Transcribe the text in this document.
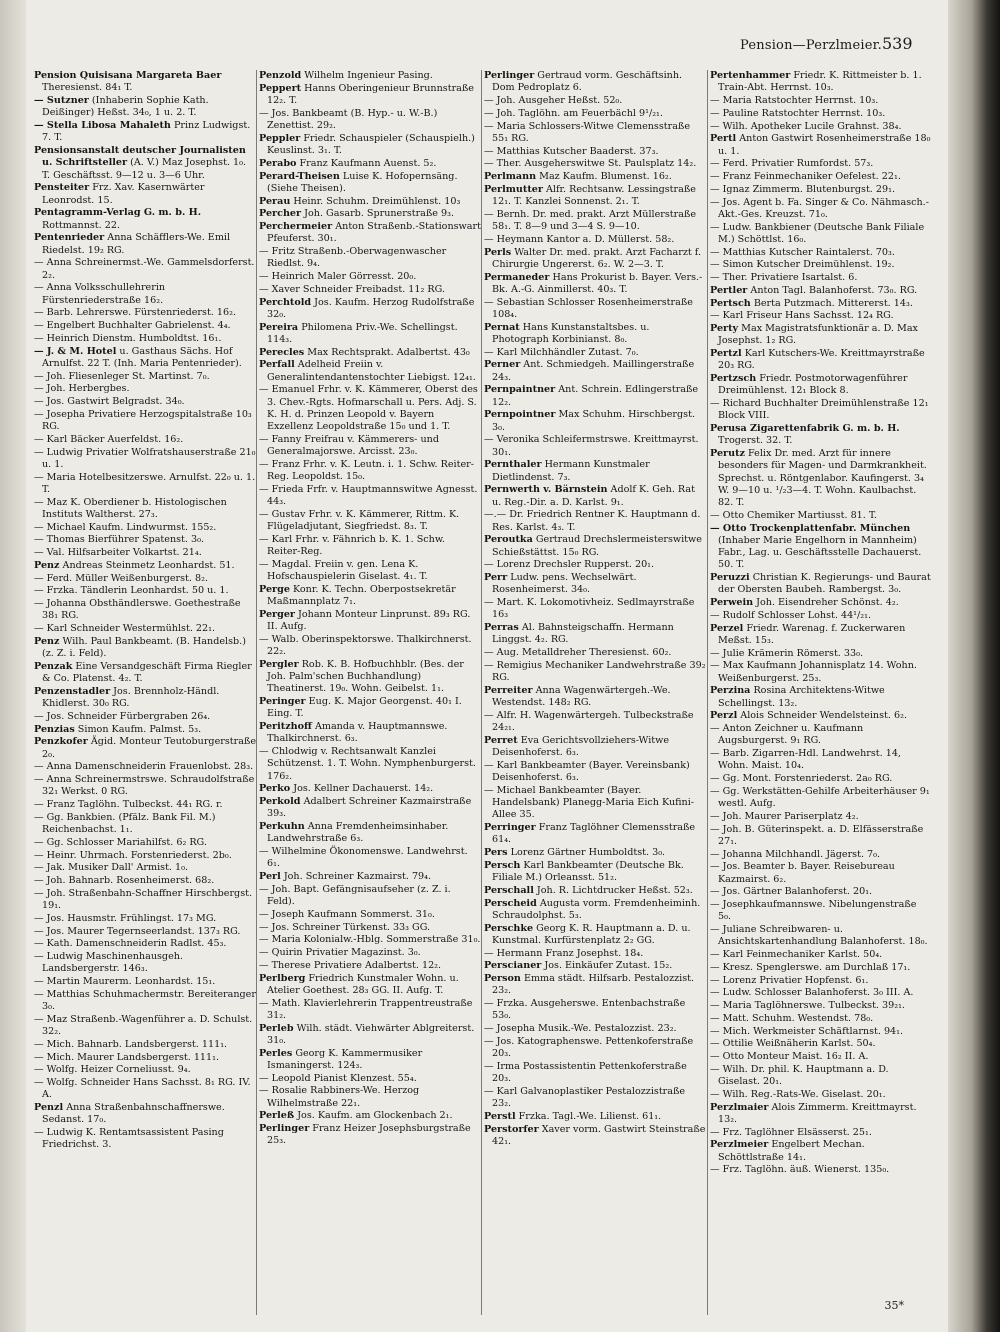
Pension—Perzlmeier. 539
Pension Quisisana Margareta Baer Theresienst. 84₁ T.
— Sutzner (Inhaberin Sophie Kath. Deißinger) Heßst. 34₀, 1 u. 2. T.
— Stella Libosa Mahaleth Prinz Ludwigst. 7. T.
Pensionsanstalt deutscher Journalisten u. Schriftsteller (A. V.) Maz Josephst. 1₀. T. Geschäftsst. 9—12 u. 3—6 Uhr.
Pensteiter Frz. Xav. Kasernwärter Leonrodst. 15.
Pentagramm-Verlag G. m. b. H. Rottmannst. 22.
Pentenrieder Anna Schäfflers-We. Emil Riedelst. 19₂ RG.
— Anna Schreinermst.-We. Gammelsdorferst. 2₂.
— Anna Volksschullehrerin Fürstenriederstraße 16₂.
— Barb. Lehrerswe. Fürstenriederst. 16₂.
— Engelbert Buchhalter Gabrielenst. 4₄.
— Heinrich Dienstm. Humboldtst. 16₁.
— J. & M. Hotel u. Gasthaus Sächs. Hof Arnulfst. 22 T. (Inh. Maria Pentenrieder).
— Joh. Fliesenleger St. Martinst. 7₀.
— Joh. Herbergbes.
— Jos. Gastwirt Belgradst. 34₀.
— Josepha Privatiere Herzogspitalstraße 10₃ RG.
— Karl Bäcker Auerfeldst. 16₂.
— Ludwig Privatier Wolfratshauserstraße 21₀ u. 1.
— Maria Hotelbesitzerswe. Arnulfst. 22₀ u. 1. T.
— Maz K. Oberdiener b. Histologischen Instituts Waltherst. 27₃.
— Michael Kaufm. Lindwurmst. 155₂.
— Thomas Bierführer Spatenst. 3₀.
— Val. Hilfsarbeiter Volkartst. 21₄.
Penz Andreas Steinmetz Leonhardst. 51.
— Ferd. Müller Weißenburgerst. 8₂.
— Frzka. Tändlerin Leonhardst. 50 u. 1.
— Johanna Obsthändlerswe. Goethestraße 38₁ RG.
— Karl Schneider Westermühlst. 22₁.
Penz Wilh. Paul Bankbeamt. (B. Handelsb.) (z. Z. i. Feld).
Penzak Eine Versandgeschäft Firma Riegler & Co. Platenst. 4₂. T.
Penzenstadler Jos. Brennholz-Händl. Khidlerst. 30₀ RG.
— Jos. Schneider Fürbergraben 26₄.
Penzias Simon Kaufm. Palmst. 5₃.
Penzkofer Ägid. Monteur Teutoburgerstraße 2₀.
— Anna Damenschneiderin Frauenlobst. 28₃.
— Anna Schreinermstrswe. Schraudolfstraße 32₁ Werkst. 0 RG.
— Franz Taglöhn. Tulbeckst. 44₁ RG. r.
— Gg. Bankbien. (Pfälz. Bank Fil. M.) Reichenbachst. 1₁.
— Gg. Schlosser Mariahilfst. 6₂ RG.
— Heinr. Uhrmach. Forstenriederst. 2b₀.
— Jak. Musiker Dall' Armist. 1₀.
— Joh. Bahnarb. Rosenheimerst. 68₂.
— Joh. Straßenbahn-Schaffner Hirschbergst. 19₁.
— Jos. Hausmstr. Frühlingst. 17₃ MG.
— Jos. Maurer Tegernseerlandst. 137₃ RG.
— Kath. Damenschneiderin Radlst. 45₃.
— Ludwig Maschinenhausgeh. Landsbergerstr. 146₃.
— Martin Maurerm. Leonhardst. 15₁.
— Matthias Schuhmachermstr. Bereiteranger 3₀.
— Maz Straßenb.-Wagenführer a. D. Schulst. 32₂.
— Mich. Bahnarb. Landsbergerst. 111₁.
— Mich. Maurer Landsbergerst. 111₁.
— Wolfg. Heizer Corneliusst. 9₄.
— Wolfg. Schneider Hans Sachsst. 8₁ RG. IV. A.
Penzl Anna Straßenbahnschaffnerswe. Sedanst. 17₀.
— Ludwig K. Rentamtsassistent Pasing Friedrichst. 3.
Penzold Wilhelm Ingenieur Pasing.
Peppert Hanns Oberingenieur Brunnstraße 12₂. T.
— Jos. Bankbeamt (B. Hyp.- u. W.-B.) Zenettist. 29₂.
Peppler Friedr. Schauspieler (Schauspielh.) Keuslinst. 3₁. T.
Perabo Franz Kaufmann Auenst. 5₂.
Perard-Theisen Luise K. Hofopernsäng. (Siehe Theisen).
Perau Heinr. Schuhm. Dreimühlenst. 10₃
Percher Joh. Gasarb. Sprunerstraße 9₃.
Perchermeier Anton Straßenb.-Stationswart Pfeuferst. 30₁.
— Fritz Straßenb.-Oberwagenwascher Riedlst. 9₄.
— Heinrich Maler Görresst. 20₀.
— Xaver Schneider Freibadst. 11₂ RG.
Perchtold Jos. Kaufm. Herzog Rudolfstraße 32₀.
Pereira Philomena Priv.-We. Schellingst. 114₃.
Perecles Max Rechtsprakt. Adalbertst. 43₀
Perfall Adelheid Freiin v. Generalintendantenstochter Liebigst. 12₄₁.
— Emanuel Frhr. v. K. Kämmerer, Oberst des 3. Chev.-Rgts. Hofmarschall u. Pers. Adj. S. K. H. d. Prinzen Leopold v. Bayern Exzellenz Leopoldstraße 15₀ und 1. T.
— Fanny Freifrau v. Kämmerers- und Generalmajorswe. Arcisst. 23₀.
— Franz Frhr. v. K. Leutn. i. 1. Schw. Reiter-Reg. Leopoldst. 15₀.
— Frieda Frfr. v. Hauptmannswitwe Agnesst. 44₃.
— Gustav Frhr. v. K. Kämmerer, Rittm. K. Flügeladjutant, Siegfriedst. 8₃. T.
— Karl Frhr. v. Fähnrich b. K. 1. Schw. Reiter-Reg.
— Magdal. Freiin v. gen. Lena K. Hofschauspielerin Giselast. 4₁. T.
Perge Konr. K. Techn. Oberpostsekretär Maßmannplatz 7₁.
Perger Johann Monteur Linprunst. 89₃ RG. II. Aufg.
— Walb. Oberinspektorswe. Thalkirchnerst. 22₂.
Pergler Rob. K. B. Hofbuchhblr. (Bes. der Joh. Palm'schen Buchhandlung) Theatinerst. 19₀. Wohn. Geibelst. 1₁.
Peringer Eug. K. Major Georgenst. 40₁ I. Eing. T.
Peritzhoff Amanda v. Hauptmannswe. Thalkirchnerst. 6₃.
— Chlodwig v. Rechtsanwalt Kanzlei Schützenst. 1. T. Wohn. Nymphenburgerst. 176₂.
Perko Jos. Kellner Dachauerst. 14₂.
Perkold Adalbert Schreiner Kazmairstraße 39₃.
Perkuhn Anna Fremdenheimsinhaber. Landwehrstraße 6₃.
— Wilhelmine Ökonomenswe. Landwehrst. 6₁.
Perl Joh. Schreiner Kazmairst. 79₄.
— Joh. Bapt. Gefängnisaufseher (z. Z. i. Feld).
— Joseph Kaufmann Sommerst. 31₀.
— Jos. Schreiner Türkenst. 33₃ GG.
— Maria Kolonialw.-Hblg. Sommerstraße 31₀.
— Quirin Privatier Magazinst. 3₀.
— Therese Privatiere Adalbertst. 12₂.
Perlberg Friedrich Kunstmaler Wohn. u. Atelier Goethest. 28₃ GG. II. Aufg. T.
— Math. Klavierlehrerin Trappentreustraße 31₂.
Perleb Wilh. städt. Viehwärter Ablgreiterst. 31₀.
Perles Georg K. Kammermusiker Ismaningerst. 124₃.
— Leopold Pianist Klenzest. 55₄.
— Rosalie Rabbiners-We. Herzog Wilhelmstraße 22₁.
Perleß Jos. Kaufm. am Glockenbach 2₁.
Perlinger Franz Heizer Josephsburgstraße 25₃.
Perlinger Gertraud vorm. Geschäftsinh. Dom Pedroplatz 6.
— Joh. Ausgeher Heßst. 52₀.
— Joh. Taglöhn. am Feuerbächl 9¹/₂₁.
— Maria Schlossers-Witwe Clemensstraße 55₁ RG.
— Matthias Kutscher Baaderst. 37₃.
— Ther. Ausgeherswitwe St. Paulsplatz 14₂.
Perlmann Maz Kaufm. Blumenst. 16₂.
Perlmutter Alfr. Rechtsanw. Lessingstraße 12₁. T. Kanzlei Sonnenst. 2₁. T.
— Bernh. Dr. med. prakt. Arzt Müllerstraße 58₁. T. 8—9 und 3—4 S. 9—10.
— Heymann Kantor a. D. Müllerst. 58₂.
Perls Walter Dr. med. prakt. Arzt Facharzt f. Chirurgie Ungererst. 6₂. W. 2—3. T.
Permaneder Hans Prokurist b. Bayer. Vers.-Bk. A.-G. Ainmillerst. 40₃. T.
— Sebastian Schlosser Rosenheimerstraße 108₄.
Pernat Hans Kunstanstaltsbes. u. Photograph Korbinianst. 8₀.
— Karl Milchhändler Zutast. 7₀.
Perner Ant. Schmiedgeh. Maillingerstraße 24₃.
Pernpaintner Ant. Schrein. Edlingerstraße 12₂.
Pernpointner Max Schuhm. Hirschbergst. 3₀.
— Veronika Schleifermstrswe. Kreittmayrst. 30₁.
Pernthaler Hermann Kunstmaler Dietlindenst. 7₃.
Pernwerth v. Bärnstein Adolf K. Geh. Rat u. Reg.-Dir. a. D. Karlst. 9₁.
—.— Dr. Friedrich Rentner K. Hauptmann d. Res. Karlst. 4₃. T.
Peroutka Gertraud Drechslermeisterswitwe Schießstättst. 15₀ RG.
— Lorenz Drechsler Rupperst. 20₁.
Perr Ludw. pens. Wechselwärt. Rosenheimerst. 34₀.
— Mart. K. Lokomotivheiz. Sedlmayrstraße 16₃
Perras Al. Bahnsteigschaffn. Hermann Linggst. 4₂. RG.
— Aug. Metalldreher Theresienst. 60₂.
— Remigius Mechaniker Landwehrstraße 39₂ RG.
Perreiter Anna Wagenwärtergeh.-We. Westendst. 148₂ RG.
— Alfr. H. Wagenwärtergeh. Tulbeckstraße 24₂₁.
Perret Eva Gerichtsvollziehers-Witwe Deisenhoferst. 6₃.
— Karl Bankbeamter (Bayer. Vereinsbank) Deisenhoferst. 6₃.
— Michael Bankbeamter (Bayer. Handelsbank) Planegg-Maria Eich Kufini-Allee 35.
Perringer Franz Taglöhner Clemensstraße 61₄.
Pers Lorenz Gärtner Humboldtst. 3₀.
Persch Karl Bankbeamter (Deutsche Bk. Filiale M.) Orleansst. 51₂.
Perschall Joh. R. Lichtdrucker Heßst. 52₃.
Perscheid Augusta vorm. Fremdenheiminh. Schraudolphst. 5₃.
Perschke Georg K. R. Hauptmann a. D. u. Kunstmal. Kurfürstenplatz 2₂ GG.
— Hermann Franz Josephst. 18₄.
Perscianer Jos. Einkäufer Zutast. 15₂.
Person Emma städt. Hilfsarb. Pestalozzist. 23₂.
— Frzka. Ausgeherswe. Entenbachstraße 53₀.
— Josepha Musik.-We. Pestalozzist. 23₂.
— Jos. Katographenswe. Pettenkoferstraße 20₃.
— Irma Postassistentin Pettenkoferstraße 20₃.
— Karl Galvanoplastiker Pestalozzistraße 23₂.
Perstl Frzka. Tagl.-We. Lilienst. 61₁.
Perstorfer Xaver vorm. Gastwirt Steinstraße 42₁.
Pertenhammer Friedr. K. Rittmeister b. 1. Train-Abt. Herrnst. 10₃.
— Maria Ratstochter Herrnst. 10₃.
— Pauline Ratstochter Herrnst. 10₃.
— Wilh. Apotheker Lucile Grahnst. 38₄.
Pertl Anton Gastwirt Rosenheimerstraße 18₀ u. 1.
— Ferd. Privatier Rumfordst. 57₃.
— Franz Feinmechaniker Oefelest. 22₁.
— Ignaz Zimmerm. Blutenburgst. 29₁.
— Jos. Agent b. Fa. Singer & Co. Nähmasch.-Akt.-Ges. Kreuzst. 71₀.
— Ludw. Bankbiener (Deutsche Bank Filiale M.) Schöttlst. 16₀.
— Matthias Kutscher Raintalerst. 70₃.
— Simon Kutscher Dreimühlenst. 19₂.
— Ther. Privatiere Isartalst. 6.
Pertler Anton Tagl. Balanhoferst. 73₀. RG.
Pertsch Berta Putzmach. Mittererst. 14₃.
— Karl Friseur Hans Sachsst. 12₄ RG.
Perty Max Magistratsfunktionär a. D. Max Josephst. 1₂ RG.
Pertzl Karl Kutschers-We. Kreittmayrstraße 20₃ RG.
Pertzsch Friedr. Postmotorwagenführer Dreimühlenst. 12₁ Block 8.
— Richard Buchhalter Dreimühlenstraße 12₁ Block VIII.
Perusa Zigarettenfabrik G. m. b. H. Trogerst. 32. T.
Perutz Felix Dr. med. Arzt für innere besonders für Magen- und Darmkrankheit. Sprechst. u. Röntgenlabor. Kaufingerst. 3₄ W. 9—10 u. ¹/₂3—4. T. Wohn. Kaulbachst. 82. T.
— Otto Chemiker Martiusst. 81. T.
— Otto Trockenplattenfabr. München (Inhaber Marie Engelhorn in Mannheim) Fabr., Lag. u. Geschäftsstelle Dachauerst. 50. T.
Peruzzi Christian K. Regierungs- und Baurat der Obersten Baubeh. Rambergst. 3₀.
Perwein Joh. Eisendreher Schönst. 4₂.
— Rudolf Schlosser Lohst. 44¹/₂₁.
Perzel Friedr. Warenag. f. Zuckerwaren Meßst. 15₃.
— Julie Krämerin Römerst. 33₀.
— Max Kaufmann Johannisplatz 14. Wohn. Weißenburgerst. 25₃.
Perzina Rosina Architektens-Witwe Schellingst. 13₂.
Perzl Alois Schneider Wendelsteinst. 6₂.
— Anton Zeichner u. Kaufmann Augsburgerst. 9₁ RG.
— Barb. Zigarren-Hdl. Landwehrst. 14, Wohn. Maist. 10₄.
— Gg. Mont. Forstenriederst. 2a₀ RG.
— Gg. Werkstätten-Gehilfe Arbeiterhäuser 9₁ westl. Aufg.
— Joh. Maurer Pariserplatz 4₂.
— Joh. B. Güterinspekt. a. D. Elfässerstraße 27₁.
— Johanna Milchhandl. Jägerst. 7₀.
— Jos. Beamter b. Bayer. Reisebureau Kazmairst. 6₂.
— Jos. Gärtner Balanhoferst. 20₁.
— Josephkaufmannswe. Nibelungenstraße 5₀.
— Juliane Schreibwaren- u. Ansichtskartenhandlung Balanhoferst. 18₀.
— Karl Feinmechaniker Karlst. 50₄.
— Kresz. Spenglerswe. am Durchlaß 17₁.
— Lorenz Privatier Hopfenst. 6₁.
— Ludw. Schlosser Balanhoferst. 3₀ III. A.
— Maria Taglöhnerswe. Tulbeckst. 39₂₁.
— Matt. Schuhm. Westendst. 78₀.
— Mich. Werkmeister Schäftlarnst. 94₁.
— Ottilie Weißnäherin Karlst. 50₄.
— Otto Monteur Maist. 16₂ II. A.
— Wilh. Dr. phil. K. Hauptmann a. D. Giselast. 20₁.
— Wilh. Reg.-Rats-We. Giselast. 20₁.
Perzlmaier Alois Zimmerm. Kreittmayrst. 13₂.
— Frz. Taglöhner Elsässerst. 25₁.
Perzlmeier Engelbert Mechan. Schöttlstraße 14₁.
— Frz. Taglöhn. äuß. Wienerst. 135₀.
35*
